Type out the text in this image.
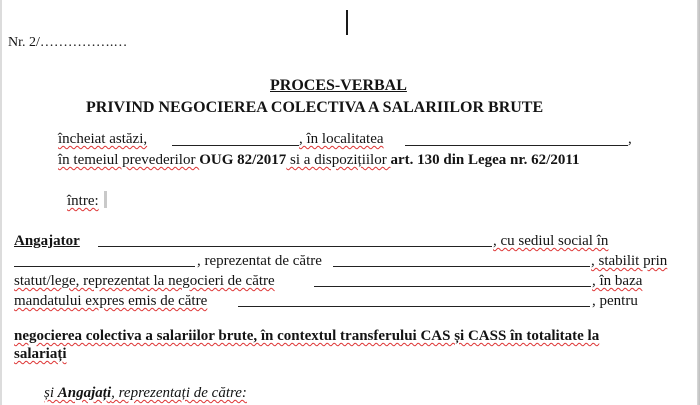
Nr. 2/…………….…
PROCES-VERBAL
PRIVIND NEGOCIEREA COLECTIVA A SALARIILOR BRUTE
încheiat astăzi,	, în localitatea	,
în temeiul prevederilor OUG 82/2017 si a dispozițiilor art. 130 din Legea nr. 62/2011
între:
Angajator	, cu sediul social în
, reprezentat de către	, stabilit prin
statut/lege, reprezentat la negocieri de către	, în baza
mandatului expres emis de către	, pentru
negocierea colectiva a salariilor brute, în contextul transferului CAS și CASS în totalitate la
salariați
și Angajați, reprezentați de către:
